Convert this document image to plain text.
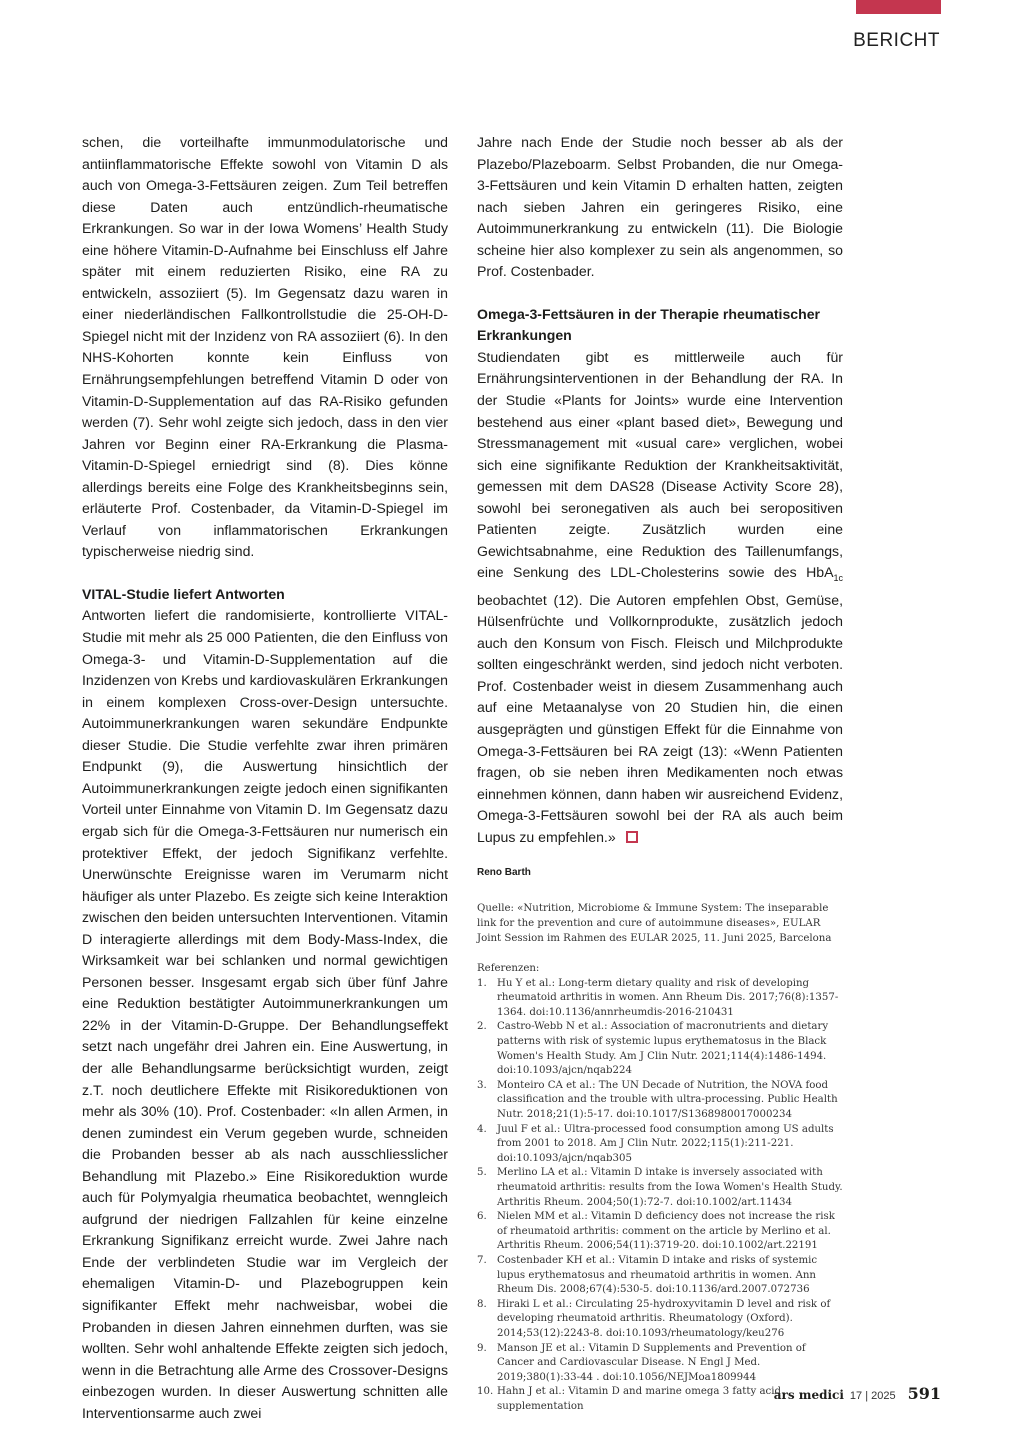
BERICHT

schen, die vorteilhafte immunmodulatorische und antiinflammatorische Effekte sowohl von Vitamin D als auch von Omega-3-Fettsäuren zeigen. Zum Teil betreffen diese Daten auch entzündlich-rheumatische Erkrankungen. So war in der Iowa Womens’ Health Study eine höhere Vitamin-D-Aufnahme bei Einschluss elf Jahre später mit einem reduzierten Risiko, eine RA zu entwickeln, assoziiert (5). Im Gegensatz dazu waren in einer niederländischen Fallkontrollstudie die 25-OH-D-Spiegel nicht mit der Inzidenz von RA assoziiert (6). In den NHS-Kohorten konnte kein Einfluss von Ernährungsempfehlungen betreffend Vitamin D oder von Vitamin-D-Supplementation auf das RA-Risiko gefunden werden (7). Sehr wohl zeigte sich jedoch, dass in den vier Jahren vor Beginn einer RA-Erkrankung die Plasma-Vitamin-D-Spiegel erniedrigt sind (8). Dies könne allerdings bereits eine Folge des Krankheitsbeginns sein, erläuterte Prof. Costenbader, da Vitamin-D-Spiegel im Verlauf von inflammatorischen Erkrankungen typischerweise niedrig sind.

VITAL-Studie liefert Antworten

Antworten liefert die randomisierte, kontrollierte VITAL-Studie mit mehr als 25 000 Patienten, die den Einfluss von Omega-3- und Vitamin-D-Supplementation auf die Inzidenzen von Krebs und kardiovaskulären Erkrankungen in einem komplexen Cross-over-Design untersuchte. Autoimmunerkrankungen waren sekundäre Endpunkte dieser Studie. Die Studie verfehlte zwar ihren primären Endpunkt (9), die Auswertung hinsichtlich der Autoimmunerkrankungen zeigte jedoch einen signifikanten Vorteil unter Einnahme von Vitamin D. Im Gegensatz dazu ergab sich für die Omega-3-Fettsäuren nur numerisch ein protektiver Effekt, der jedoch Signifikanz verfehlte. Unerwünschte Ereignisse waren im Verumarm nicht häufiger als unter Plazebo. Es zeigte sich keine Interaktion zwischen den beiden untersuchten Interventionen. Vitamin D interagierte allerdings mit dem Body-Mass-Index, die Wirksamkeit war bei schlanken und normal gewichtigen Personen besser. Insgesamt ergab sich über fünf Jahre eine Reduktion bestätigter Autoimmunerkrankungen um 22% in der Vitamin-D-Gruppe. Der Behandlungseffekt setzt nach ungefähr drei Jahren ein. Eine Auswertung, in der alle Behandlungsarme berücksichtigt wurden, zeigt z.T. noch deutlichere Effekte mit Risikoreduktionen von mehr als 30% (10). Prof. Costenbader: «In allen Armen, in denen zumindest ein Verum gegeben wurde, schneiden die Probanden besser ab als nach ausschliesslicher Behandlung mit Plazebo.» Eine Risikoreduktion wurde auch für Polymyalgia rheumatica beobachtet, wenngleich aufgrund der niedrigen Fallzahlen für keine einzelne Erkrankung Signifikanz erreicht wurde. Zwei Jahre nach Ende der verblindeten Studie war im Vergleich der ehemaligen Vitamin-D- und Plazebogruppen kein signifikanter Effekt mehr nachweisbar, wobei die Probanden in diesen Jahren einnehmen durften, was sie wollten. Sehr wohl anhaltende Effekte zeigten sich jedoch, wenn in die Betrachtung alle Arme des Crossover-Designs einbezogen wurden. In dieser Auswertung schnitten alle Interventionsarme auch zwei

Jahre nach Ende der Studie noch besser ab als der Plazebo/Plazeboarm. Selbst Probanden, die nur Omega-3-Fettsäuren und kein Vitamin D erhalten hatten, zeigten nach sieben Jahren ein geringeres Risiko, eine Autoimmunerkrankung zu entwickeln (11). Die Biologie scheine hier also komplexer zu sein als angenommen, so Prof. Costenbader.

Omega-3-Fettsäuren in der Therapie rheumatischer Erkrankungen

Studiendaten gibt es mittlerweile auch für Ernährungsinterventionen in der Behandlung der RA. In der Studie «Plants for Joints» wurde eine Intervention bestehend aus einer «plant based diet», Bewegung und Stressmanagement mit «usual care» verglichen, wobei sich eine signifikante Reduktion der Krankheitsaktivität, gemessen mit dem DAS28 (Disease Activity Score 28), sowohl bei seronegativen als auch bei seropositiven Patienten zeigte. Zusätzlich wurden eine Gewichtsabnahme, eine Reduktion des Taillenumfangs, eine Senkung des LDL-Cholesterins sowie des HbA$_{1c}$ beobachtet (12). Die Autoren empfehlen Obst, Gemüse, Hülsenfrüchte und Vollkornprodukte, zusätzlich jedoch auch den Konsum von Fisch. Fleisch und Milchprodukte sollten eingeschränkt werden, sind jedoch nicht verboten. Prof. Costenbader weist in diesem Zusammenhang auch auf eine Metaanalyse von 20 Studien hin, die einen ausgeprägten und günstigen Effekt für die Einnahme von Omega-3-Fettsäuren bei RA zeigt (13): «Wenn Patienten fragen, ob sie neben ihren Medikamenten noch etwas einnehmen können, dann haben wir ausreichend Evidenz, Omega-3-Fettsäuren sowohl bei der RA als auch beim Lupus zu empfehlen.»

Reno Barth

Quelle: «Nutrition, Microbiome & Immune System: The inseparable link for the prevention and cure of autoimmune diseases», EULAR Joint Session im Rahmen des EULAR 2025, 11. Juni 2025, Barcelona

Referenzen:

1.	Hu Y et al.: Long-term dietary quality and risk of developing rheumatoid arthritis in women. Ann Rheum Dis. 2017;76(8):1357-1364. doi:10.1136/annrheumdis-2016-210431
2.	Castro-Webb N et al.: Association of macronutrients and dietary patterns with risk of systemic lupus erythematosus in the Black Women's Health Study. Am J Clin Nutr. 2021;114(4):1486-1494. doi:10.1093/ajcn/nqab224
3.	Monteiro CA et al.: The UN Decade of Nutrition, the NOVA food classification and the trouble with ultra-processing. Public Health Nutr. 2018;21(1):5-17. doi:10.1017/S1368980017000234
4.	Juul F et al.: Ultra-processed food consumption among US adults from 2001 to 2018. Am J Clin Nutr. 2022;115(1):211-221. doi:10.1093/ajcn/nqab305
5.	Merlino LA et al.: Vitamin D intake is inversely associated with rheumatoid arthritis: results from the Iowa Women's Health Study. Arthritis Rheum. 2004;50(1):72-7. doi:10.1002/art.11434
6.	Nielen MM et al.: Vitamin D deficiency does not increase the risk of rheumatoid arthritis: comment on the article by Merlino et al. Arthritis Rheum. 2006;54(11):3719-20. doi:10.1002/art.22191
7.	Costenbader KH et al.: Vitamin D intake and risks of systemic lupus erythematosus and rheumatoid arthritis in women. Ann Rheum Dis. 2008;67(4):530-5. doi:10.1136/ard.2007.072736
8.	Hiraki L et al.: Circulating 25-hydroxyvitamin D level and risk of developing rheumatoid arthritis. Rheumatology (Oxford). 2014;53(12):2243-8. doi:10.1093/rheumatology/keu276
9.	Manson JE et al.: Vitamin D Supplements and Prevention of Cancer and Cardiovascular Disease. N Engl J Med. 2019;380(1):33-44 . doi:10.1056/NEJMoa1809944
10. Hahn J et al.: Vitamin D and marine omega 3 fatty acid supplementation
ars medici 17 | 2025 591
